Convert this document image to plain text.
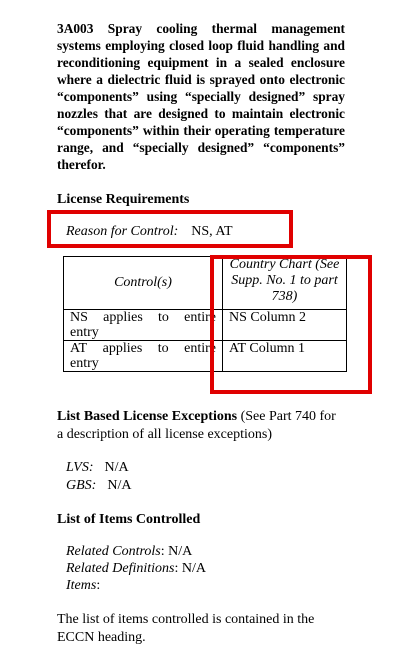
3A003 Spray cooling thermal management systems employing closed loop fluid handling and reconditioning equipment in a sealed enclosure where a dielectric fluid is sprayed onto electronic “components” using “specially designed” spray nozzles that are designed to maintain electronic “components” within their operating temperature range, and “specially designed” “components” therefor.
License Requirements
Reason for Control: NS, AT
Control(s)	Country Chart (See Supp. No. 1 to part 738)

NS applies to entire
entry	NS Column 2

AT applies to entire
entry	AT Column 1
List Based License Exceptions (See Part 740 for
a description of all license exceptions)
LVS: N/A
GBS: N/A
List of Items Controlled
Related Controls: N/A
Related Definitions: N/A
Items:
The list of items controlled is contained in the
ECCN heading.
